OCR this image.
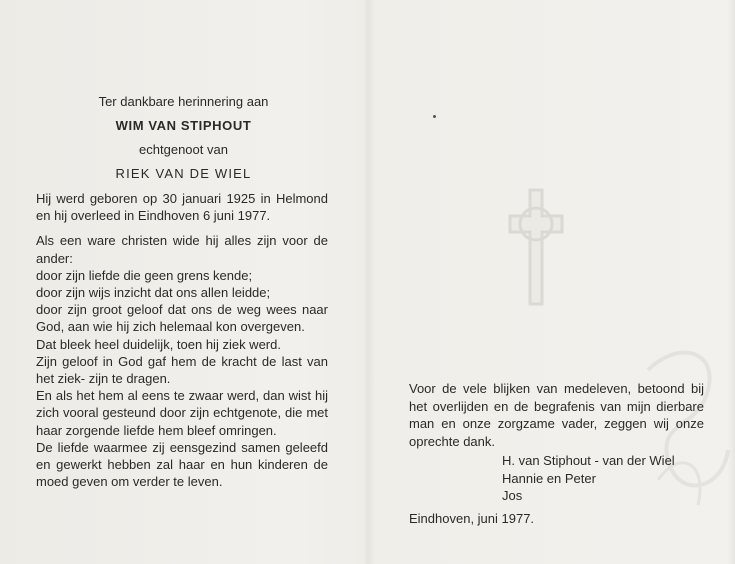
Ter dankbare herinnering aan
WIM VAN STIPHOUT
echtgenoot van
RIEK VAN DE WIEL

Hij werd geboren op 30 januari 1925 in Helmond en hij overleed in Eindhoven 6 juni 1977.

Als een ware christen wide hij alles zijn voor de ander:

door zijn liefde die geen grens kende;

door zijn wijs inzicht dat ons allen leidde;

door zijn groot geloof dat ons de weg wees naar God, aan wie hij zich helemaal kon overgeven.

Dat bleek heel duidelijk, toen hij ziek werd.

Zijn geloof in God gaf hem de kracht de last van het ziek- zijn te dragen.

En als het hem al eens te zwaar werd, dan wist hij zich vooral gesteund door zijn echtgenote, die met haar zorgende liefde hem bleef omringen.

De liefde waarmee zij eensgezind samen geleefd en gewerkt hebben zal haar en hun kinderen de moed geven om verder te leven.

Voor de vele blijken van medeleven, betoond bij het overlijden en de begrafenis van mijn dierbare man en onze zorgzame vader, zeggen wij onze oprechte dank.
H. van Stiphout - van der Wiel
Hannie en Peter
Jos
Eindhoven, juni 1977.
